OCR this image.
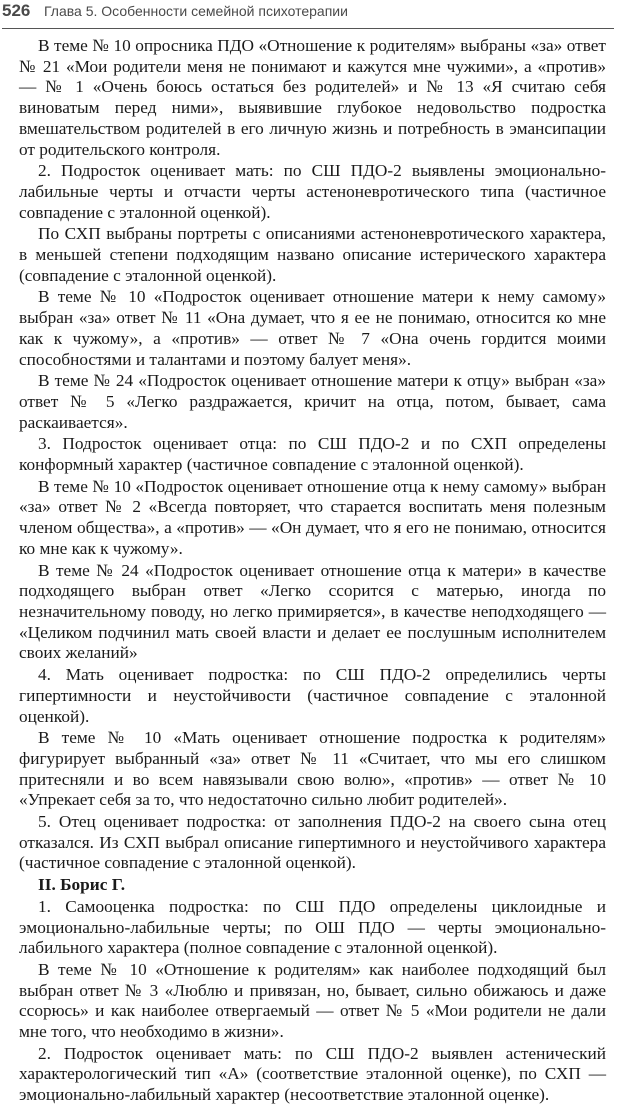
526 Глава 5. Особенности семейной психотерапии

В теме № 10 опросника ПДО «Отношение к родителям» выбраны «за» ответ № 21 «Мои родители меня не понимают и кажутся мне чужими», а «против» — № 1 «Очень боюсь остаться без родителей» и № 13 «Я считаю себя виноватым перед ними», выявившие глубокое недовольство подростка вмешательством родителей в его личную жизнь и потребность в эмансипации от родительского контроля.

2. Подросток оценивает мать: по СШ ПДО-2 выявлены эмоционально-лабильные черты и отчасти черты астеноневротического типа (частичное совпадение с эталонной оценкой).

По СХП выбраны портреты с описаниями астеноневротического характера, в меньшей степени подходящим названо описание истерического характера (совпадение с эталонной оценкой).

В теме № 10 «Подросток оценивает отношение матери к нему самому» выбран «за» ответ № 11 «Она думает, что я ее не понимаю, относится ко мне как к чужому», а «против» — ответ № 7 «Она очень гордится моими способностями и талантами и поэтому балует меня».

В теме № 24 «Подросток оценивает отношение матери к отцу» выбран «за» ответ № 5 «Легко раздражается, кричит на отца, потом, бывает, сама раскаивается».

3. Подросток оценивает отца: по СШ ПДО-2 и по СХП определены конформный характер (частичное совпадение с эталонной оценкой).

В теме № 10 «Подросток оценивает отношение отца к нему самому» выбран «за» ответ № 2 «Всегда повторяет, что старается воспитать меня полезным членом общества», а «против» — «Он думает, что я его не понимаю, относится ко мне как к чужому».

В теме № 24 «Подросток оценивает отношение отца к матери» в качестве подходящего выбран ответ «Легко ссорится с матерью, иногда по незначительному поводу, но легко примиряется», в качестве неподходящего — «Целиком подчинил мать своей власти и делает ее послушным исполнителем своих желаний»

4. Мать оценивает подростка: по СШ ПДО-2 определились черты гипертимности и неустойчивости (частичное совпадение с эталонной оценкой).

В теме № 10 «Мать оценивает отношение подростка к родителям» фигурирует выбранный «за» ответ № 11 «Считает, что мы его слишком притесняли и во всем навязывали свою волю», «против» — ответ № 10 «Упрекает себя за то, что недостаточно сильно любит родителей».

5. Отец оценивает подростка: от заполнения ПДО-2 на своего сына отец отказался. Из СХП выбрал описание гипертимного и неустойчивого характера (частичное совпадение с эталонной оценкой).

II. Борис Г.

1. Самооценка подростка: по СШ ПДО определены циклоидные и эмоционально-лабильные черты; по ОШ ПДО — черты эмоционально-лабильного характера (полное совпадение с эталонной оценкой).

В теме № 10 «Отношение к родителям» как наиболее подходящий был выбран ответ № 3 «Люблю и привязан, но, бывает, сильно обижаюсь и даже ссорюсь» и как наиболее отвергаемый — ответ № 5 «Мои родители не дали мне того, что необходимо в жизни».

2. Подросток оценивает мать: по СШ ПДО-2 выявлен астенический характерологический тип «А» (соответствие эталонной оценке), по СХП — эмоционально-лабильный характер (несоответствие эталонной оценке).
